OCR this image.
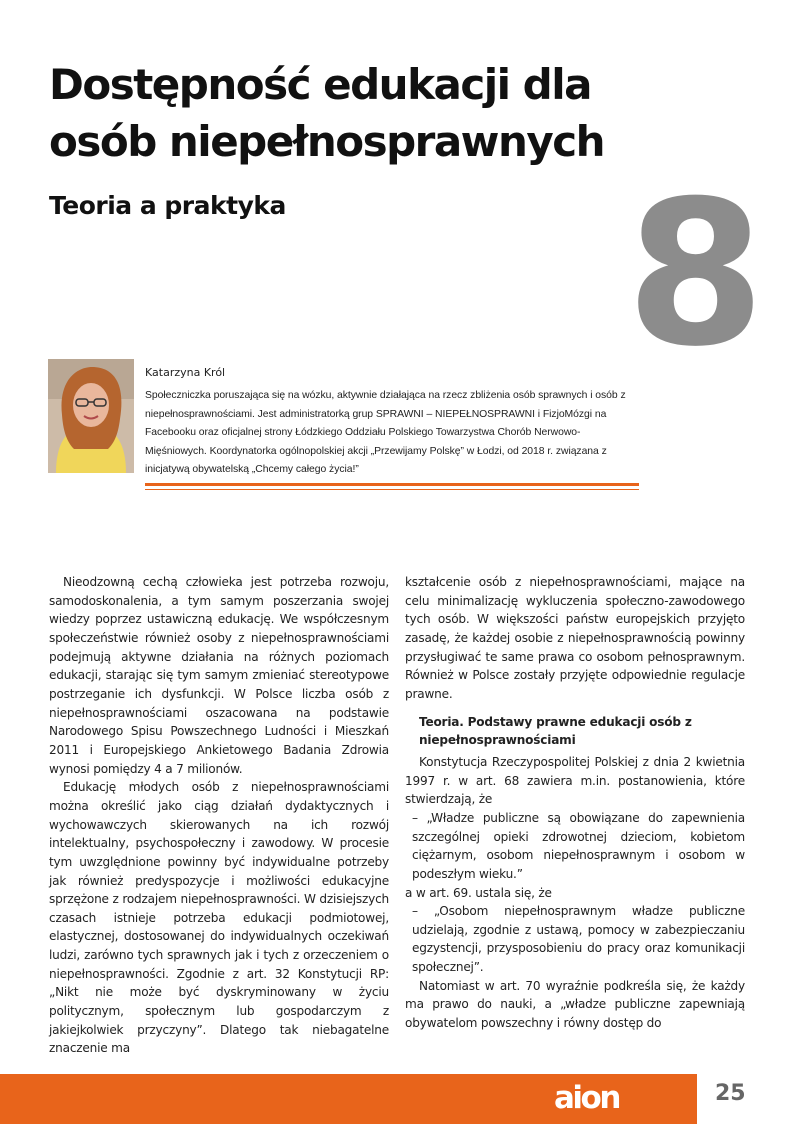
Dostępność edukacji dla
osób niepełnosprawnych
Teoria a praktyka 8
Katarzyna Król

Społeczniczka poruszająca się na wózku, aktywnie działająca na rzecz zbliżenia osób sprawnych i osób z niepełnosprawnościami. Jest administratorką grup SPRAWNI – NIEPEŁNOSPRAWNI i FizjoMózgi na Facebooku oraz oficjalnej strony Łódzkiego Oddziału Polskiego Towarzystwa Chorób Nerwowo-Mięśniowych. Koordynatorka ogólnopolskiej akcji „Przewijamy Polskę” w Łodzi, od 2018 r. związana z inicjatywą obywatelską „Chcemy całego życia!”

Nieodzowną cechą człowieka jest potrzeba rozwoju, samodoskonalenia, a tym samym poszerzania swojej wiedzy poprzez ustawiczną edukację. We współczesnym społeczeństwie również osoby z niepełnosprawnościami podejmują aktywne działania na różnych poziomach edukacji, starając się tym samym zmieniać stereotypowe postrzeganie ich dysfunkcji. W Polsce liczba osób z niepełnosprawnościami oszacowana na podstawie Narodowego Spisu Powszechnego Ludności i Mieszkań 2011 i Europejskiego Ankietowego Badania Zdrowia wynosi pomiędzy 4 a 7 milionów.

Edukację młodych osób z niepełnosprawnościami można określić jako ciąg działań dydaktycznych i wychowawczych skierowanych na ich rozwój intelektualny, psychospołeczny i zawodowy. W procesie tym uwzględnione powinny być indywidualne potrzeby jak również predyspozycje i możliwości edukacyjne sprzężone z rodzajem niepełnosprawności. W dzisiejszych czasach istnieje potrzeba edukacji podmiotowej, elastycznej, dostosowanej do indywidualnych oczekiwań ludzi, zarówno tych sprawnych jak i tych z orzeczeniem o niepełnosprawności. Zgodnie z art. 32 Konstytucji RP: „Nikt nie może być dyskryminowany w życiu politycznym, społecznym lub gospodarczym z jakiejkolwiek przyczyny”. Dlatego tak niebagatelne znaczenie ma

kształcenie osób z niepełnosprawnościami, mające na celu minimalizację wykluczenia społeczno-zawodowego tych osób. W większości państw europejskich przyjęto zasadę, że każdej osobie z niepełnosprawnością powinny przysługiwać te same prawa co osobom pełnosprawnym. Również w Polsce zostały przyjęte odpowiednie regulacje prawne.

Teoria. Podstawy prawne edukacji osób z niepełnosprawnościami

Konstytucja Rzeczypospolitej Polskiej z dnia 2 kwietnia 1997 r. w art. 68 zawiera m.in. postanowienia, które stwierdzają, że

– „Władze publiczne są obowiązane do zapewnienia szczególnej opieki zdrowotnej dzieciom, kobietom ciężarnym, osobom niepełnosprawnym i osobom w podeszłym wieku.”

a w art. 69. ustala się, że

– „Osobom niepełnosprawnym władze publiczne udzielają, zgodnie z ustawą, pomocy w zabezpieczaniu egzystencji, przysposobieniu do pracy oraz komunikacji społecznej”.

Natomiast w art. 70 wyraźnie podkreśla się, że każdy ma prawo do nauki, a „władze publiczne zapewniają obywatelom powszechny i równy dostęp do

aion	25
